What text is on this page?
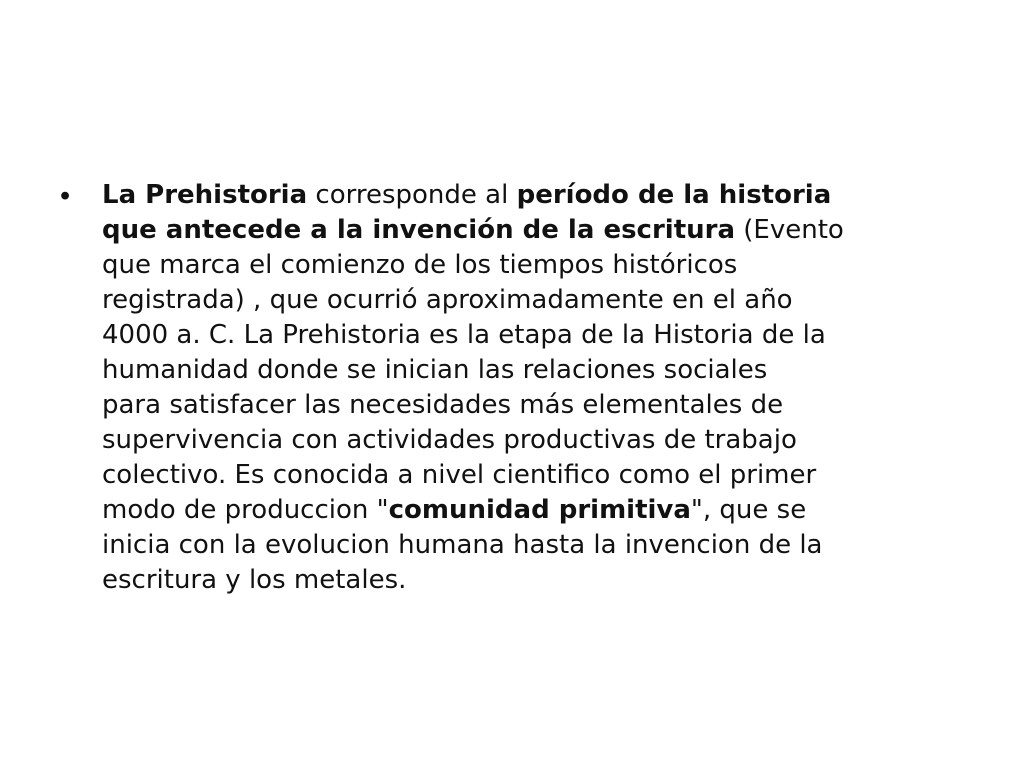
•	La Prehistoria corresponde al período de la historia
que antecede a la invención de la escritura (Evento
que marca el comienzo de los tiempos históricos
registrada) , que ocurrió aproximadamente en el año
4000 a. C. La Prehistoria es la etapa de la Historia de la
humanidad donde se inician las relaciones sociales
para satisfacer las necesidades más elementales de
supervivencia con actividades productivas de trabajo
colectivo. Es conocida a nivel cientifico como el primer
modo de produccion "comunidad primitiva", que se
inicia con la evolucion humana hasta la invencion de la
escritura y los metales.
